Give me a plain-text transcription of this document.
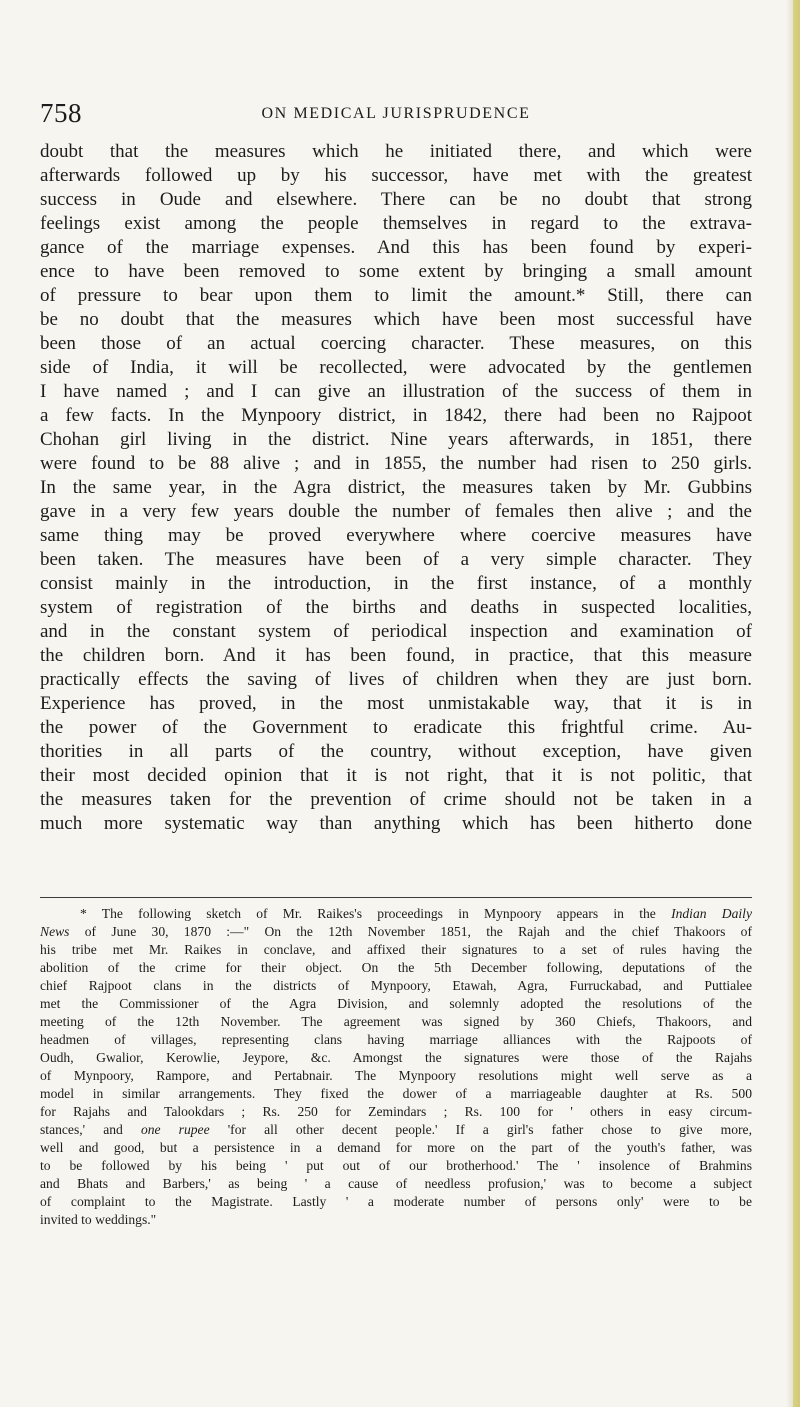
758	ON MEDICAL JURISPRUDENCE
doubt that the measures which he initiated there, and which were
afterwards followed up by his successor, have met with the greatest
success in Oude and elsewhere. There can be no doubt that strong
feelings exist among the people themselves in regard to the extrava-
gance of the marriage expenses. And this has been found by experi-
ence to have been removed to some extent by bringing a small amount
of pressure to bear upon them to limit the amount.* Still, there can
be no doubt that the measures which have been most successful have
been those of an actual coercing character. These measures, on this
side of India, it will be recollected, were advocated by the gentlemen
I have named ; and I can give an illustration of the success of them in
a few facts. In the Mynpoory district, in 1842, there had been no Rajpoot
Chohan girl living in the district. Nine years afterwards, in 1851, there
were found to be 88 alive ; and in 1855, the number had risen to 250 girls.
In the same year, in the Agra district, the measures taken by Mr. Gubbins
gave in a very few years double the number of females then alive ; and the
same thing may be proved everywhere where coercive measures have
been taken. The measures have been of a very simple character. They
consist mainly in the introduction, in the first instance, of a monthly
system of registration of the births and deaths in suspected localities,
and in the constant system of periodical inspection and examination of
the children born. And it has been found, in practice, that this measure
practically effects the saving of lives of children when they are just born.
Experience has proved, in the most unmistakable way, that it is in
the power of the Government to eradicate this frightful crime. Au-
thorities in all parts of the country, without exception, have given
their most decided opinion that it is not right, that it is not politic, that
the measures taken for the prevention of crime should not be taken in a
much more systematic way than anything which has been hitherto done
* The following sketch of Mr. Raikes's proceedings in Mynpoory appears in the Indian Daily
News of June 30, 1870 :—" On the 12th November 1851, the Rajah and the chief Thakoors of
his tribe met Mr. Raikes in conclave, and affixed their signatures to a set of rules having the
abolition of the crime for their object. On the 5th December following, deputations of the
chief Rajpoot clans in the districts of Mynpoory, Etawah, Agra, Furruckabad, and Puttialee
met the Commissioner of the Agra Division, and solemnly adopted the resolutions of the
meeting of the 12th November. The agreement was signed by 360 Chiefs, Thakoors, and
headmen of villages, representing clans having marriage alliances with the Rajpoots of
Oudh, Gwalior, Kerowlie, Jeypore, &c. Amongst the signatures were those of the Rajahs
of Mynpoory, Rampore, and Pertabnair. The Mynpoory resolutions might well serve as a
model in similar arrangements. They fixed the dower of a marriageable daughter at Rs. 500
for Rajahs and Talookdars ; Rs. 250 for Zemindars ; Rs. 100 for ' others in easy circum-
stances,' and one rupee 'for all other decent people.' If a girl's father chose to give more,
well and good, but a persistence in a demand for more on the part of the youth's father, was
to be followed by his being ' put out of our brotherhood.' The ' insolence of Brahmins
and Bhats and Barbers,' as being ' a cause of needless profusion,' was to become a subject
of complaint to the Magistrate. Lastly ' a moderate number of persons only' were to be
invited to weddings."
